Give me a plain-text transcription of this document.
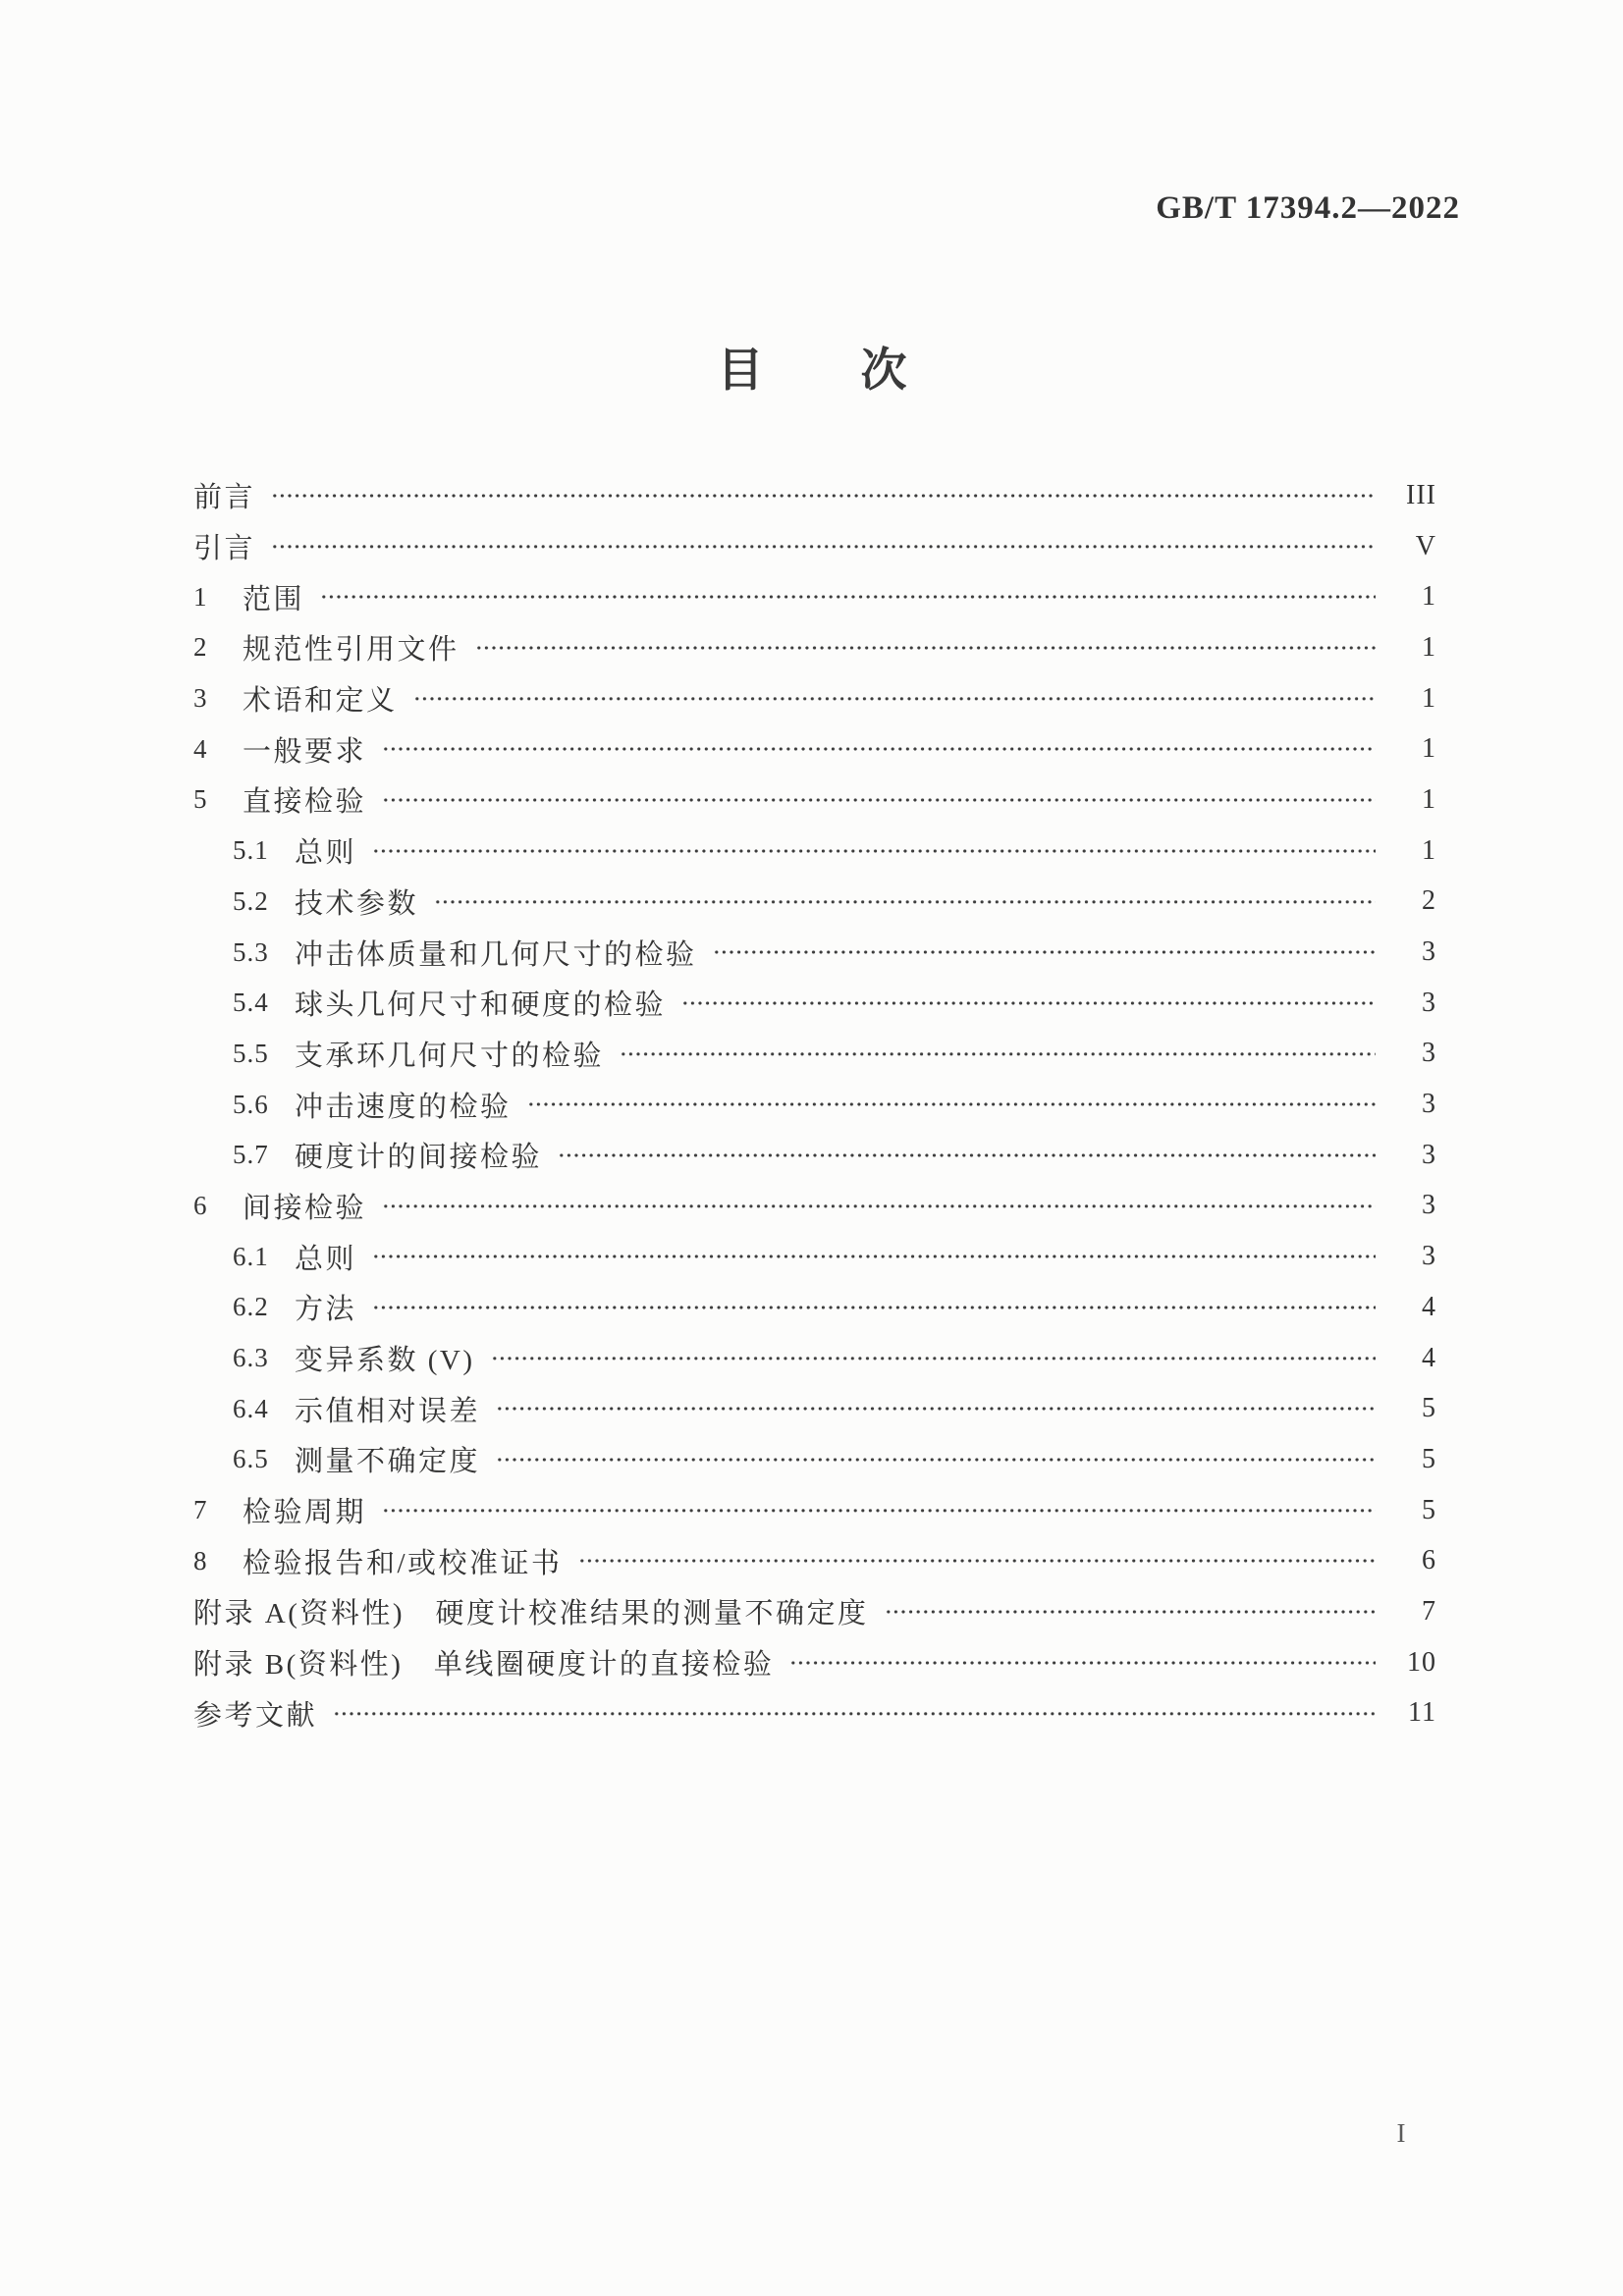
GB/T 17394.2—2022
目　次
前言	III
引言	V
1	范围	1
2	规范性引用文件	1
3	术语和定义	1
4	一般要求	1
5	直接检验	1
5.1 总则	1
5.2 技术参数	2
5.3 冲击体质量和几何尺寸的检验	3
5.4 球头几何尺寸和硬度的检验	3
5.5 支承环几何尺寸的检验	3
5.6 冲击速度的检验	3
5.7 硬度计的间接检验	3
6	间接检验	3
6.1 总则	3
6.2 方法	4
6.3 变异系数 (V)	4
6.4 示值相对误差	5
6.5 测量不确定度	5
7	检验周期	5
8	检验报告和/或校准证书	6
附录 A(资料性)　硬度计校准结果的测量不确定度	7
附录 B(资料性)　单线圈硬度计的直接检验	10
参考文献	11
I
